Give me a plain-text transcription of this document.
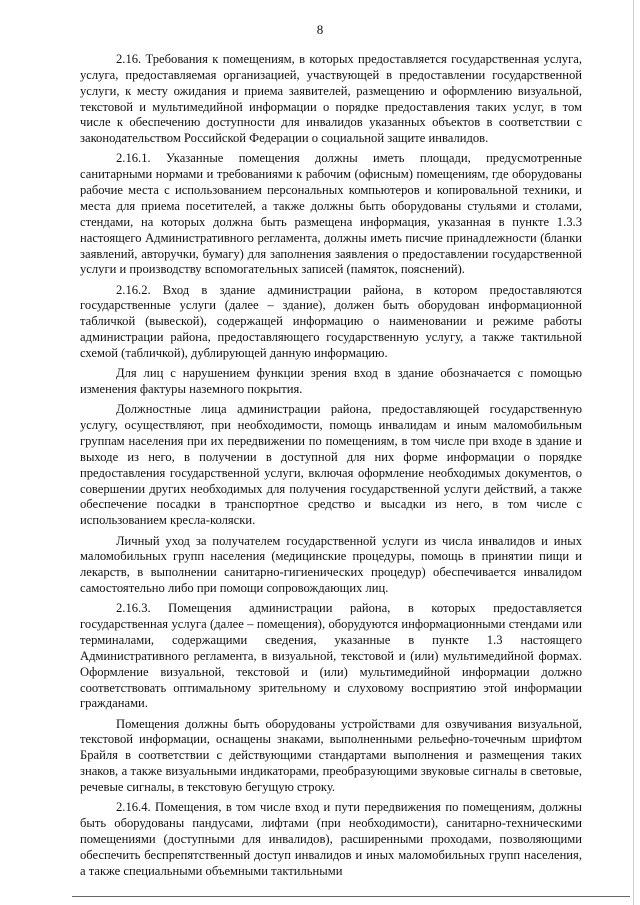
8

2.16. Требования к помещениям, в которых предоставляется государственная услуга, услуга, предоставляемая организацией, участвующей в предоставлении государственной услуги, к месту ожидания и приема заявителей, размещению и оформлению визуальной, текстовой и мультимедийной информации о порядке предоставления таких услуг, в том числе к обеспечению доступности для инвалидов указанных объектов в соответствии с законодательством Российской Федерации о социальной защите инвалидов.

2.16.1. Указанные помещения должны иметь площади, предусмотренные санитарными нормами и требованиями к рабочим (офисным) помещениям, где оборудованы рабочие места с использованием персональных компьютеров и копировальной техники, и места для приема посетителей, а также должны быть оборудованы стульями и столами, стендами, на которых должна быть размещена информация, указанная в пункте 1.3.3 настоящего Административного регламента, должны иметь писчие принадлежности (бланки заявлений, авторучки, бумагу) для заполнения заявления о предоставлении государственной услуги и производству вспомогательных записей (памяток, пояснений).

2.16.2. Вход в здание администрации района, в котором предоставляются государственные услуги (далее – здание), должен быть оборудован информационной табличкой (вывеской), содержащей информацию о наименовании и режиме работы администрации района, предоставляющего государственную услугу, а также тактильной схемой (табличкой), дублирующей данную информацию.

Для лиц с нарушением функции зрения вход в здание обозначается с помощью изменения фактуры наземного покрытия.

Должностные лица администрации района, предоставляющей государственную услугу, осуществляют, при необходимости, помощь инвалидам и иным маломобильным группам населения при их передвижении по помещениям, в том числе при входе в здание и выходе из него, в получении в доступной для них форме информации о порядке предоставления государственной услуги, включая оформление необходимых документов, о совершении других необходимых для получения государственной услуги действий, а также обеспечение посадки в транспортное средство и высадки из него, в том числе с использованием кресла-коляски.

Личный уход за получателем государственной услуги из числа инвалидов и иных маломобильных групп населения (медицинские процедуры, помощь в принятии пищи и лекарств, в выполнении санитарно-гигиенических процедур) обеспечивается инвалидом самостоятельно либо при помощи сопровождающих лиц.

2.16.3. Помещения администрации района, в которых предоставляется государственная услуга (далее – помещения), оборудуются информационными стендами или терминалами, содержащими сведения, указанные в пункте 1.3 настоящего Административного регламента, в визуальной, текстовой и (или) мультимедийной формах. Оформление визуальной, текстовой и (или) мультимедийной информации должно соответствовать оптимальному зрительному и слуховому восприятию этой информации гражданами.

Помещения должны быть оборудованы устройствами для озвучивания визуальной, текстовой информации, оснащены знаками, выполненными рельефно-точечным шрифтом Брайля в соответствии с действующими стандартами выполнения и размещения таких знаков, а также визуальными индикаторами, преобразующими звуковые сигналы в световые, речевые сигналы, в текстовую бегущую строку.

2.16.4. Помещения, в том числе вход и пути передвижения по помещениям, должны быть оборудованы пандусами, лифтами (при необходимости), санитарно-техническими помещениями (доступными для инвалидов), расширенными проходами, позволяющими обеспечить беспрепятственный доступ инвалидов и иных маломобильных групп населения, а также специальными объемными тактильными
